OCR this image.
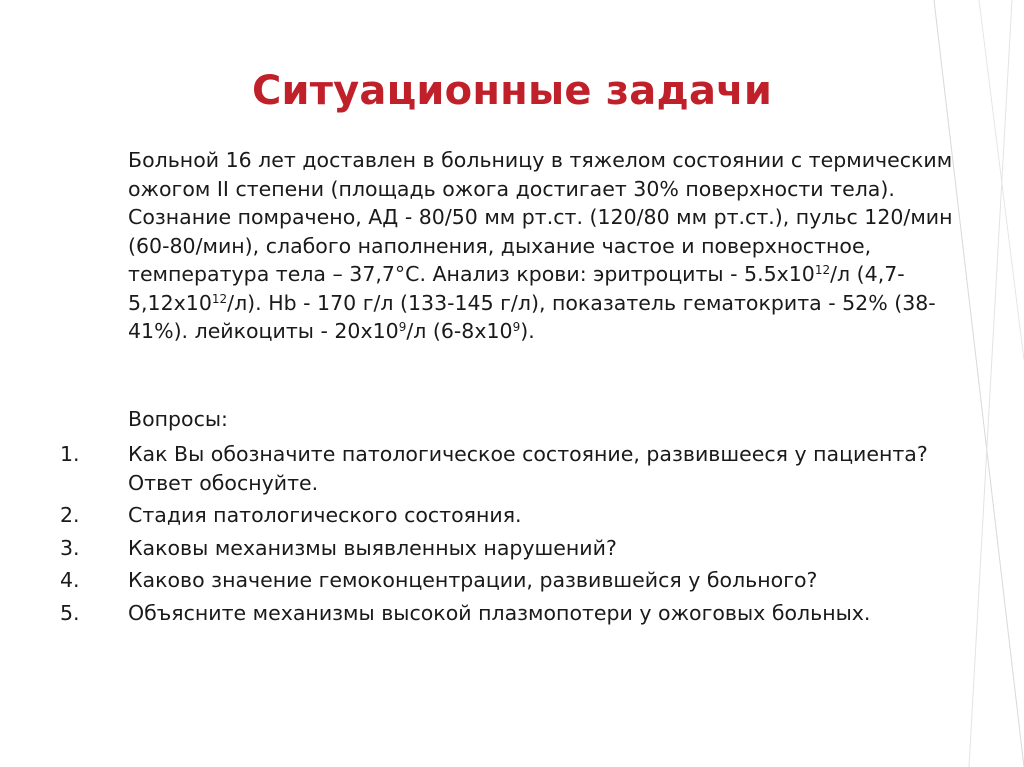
Ситуационные задачи
Больной 16 лет доставлен в больницу в тяжелом состоянии с термическим ожогом II степени (площадь ожога достигает 30% поверхности тела). Сознание помрачено, АД - 80/50 мм рт.ст. (120/80 мм рт.ст.), пульс 120/мин (60-80/мин), слабого наполнения, дыхание частое и поверхностное, температура тела – 37,7°С. Анализ крови: эритроциты - $5.5х10^{12}/л$ $(4,7-5,12х10^{12}/л)$. Нb - 170 г/л (133-145 г/л), показатель гематокрита - 52% (38-41%). лейкоциты - $20х10^9/л$ $(6-8х10^9)$.
Вопросы:
1.	Как Вы обозначите патологическое состояние, развившееся у пациента? Ответ обоснуйте.
2.	Стадия патологического состояния.
3.	Каковы механизмы выявленных нарушений?
4.	Каково значение гемоконцентрации, развившейся у больного?
5.	Объясните механизмы высокой плазмопотери у ожоговых больных.
